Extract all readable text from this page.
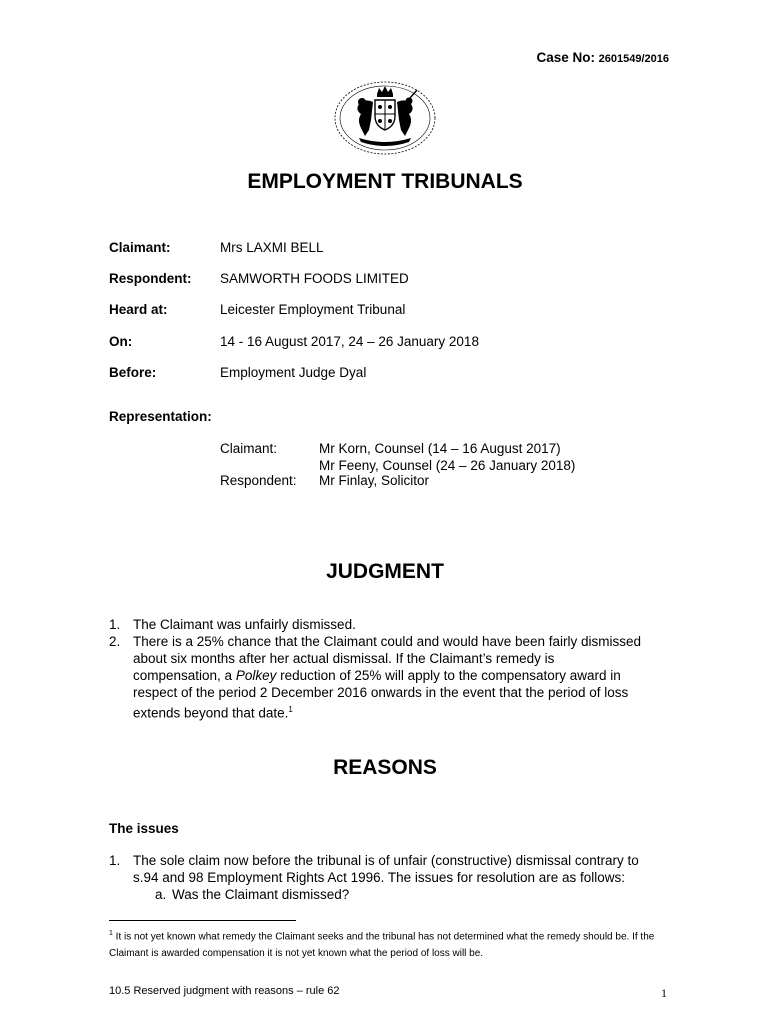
Case No: 2601549/2016
EMPLOYMENT TRIBUNALS
Claimant:	Mrs LAXMI BELL
Respondent: SAMWORTH FOODS LIMITED
Heard at:	Leicester Employment Tribunal
On:	14 - 16 August 2017, 24 – 26 January 2018
Before:	Employment Judge Dyal
Representation:
Claimant:	Mr Korn, Counsel (14 – 16 August 2017)
Mr Feeny, Counsel (24 – 26 January 2018)
Respondent: Mr Finlay, Solicitor
JUDGMENT
1. The Claimant was unfairly dismissed.
2. There is a 25% chance that the Claimant could and would have been fairly dismissed
about six months after her actual dismissal. If the Claimant’s remedy is
compensation, a Polkey reduction of 25% will apply to the compensatory award in
respect of the period 2 December 2016 onwards in the event that the period of loss
extends beyond that date.$^1$
REASONS
The issues
1. The sole claim now before the tribunal is of unfair (constructive) dismissal contrary to
s.94 and 98 Employment Rights Act 1996. The issues for resolution are as follows:
a. Was the Claimant dismissed?
$^1$ It is not yet known what remedy the Claimant seeks and the tribunal has not determined what the remedy should be. If the Claimant is awarded compensation it is not yet known what the period of loss will be.
10.5 Reserved judgment with reasons – rule 62	1
